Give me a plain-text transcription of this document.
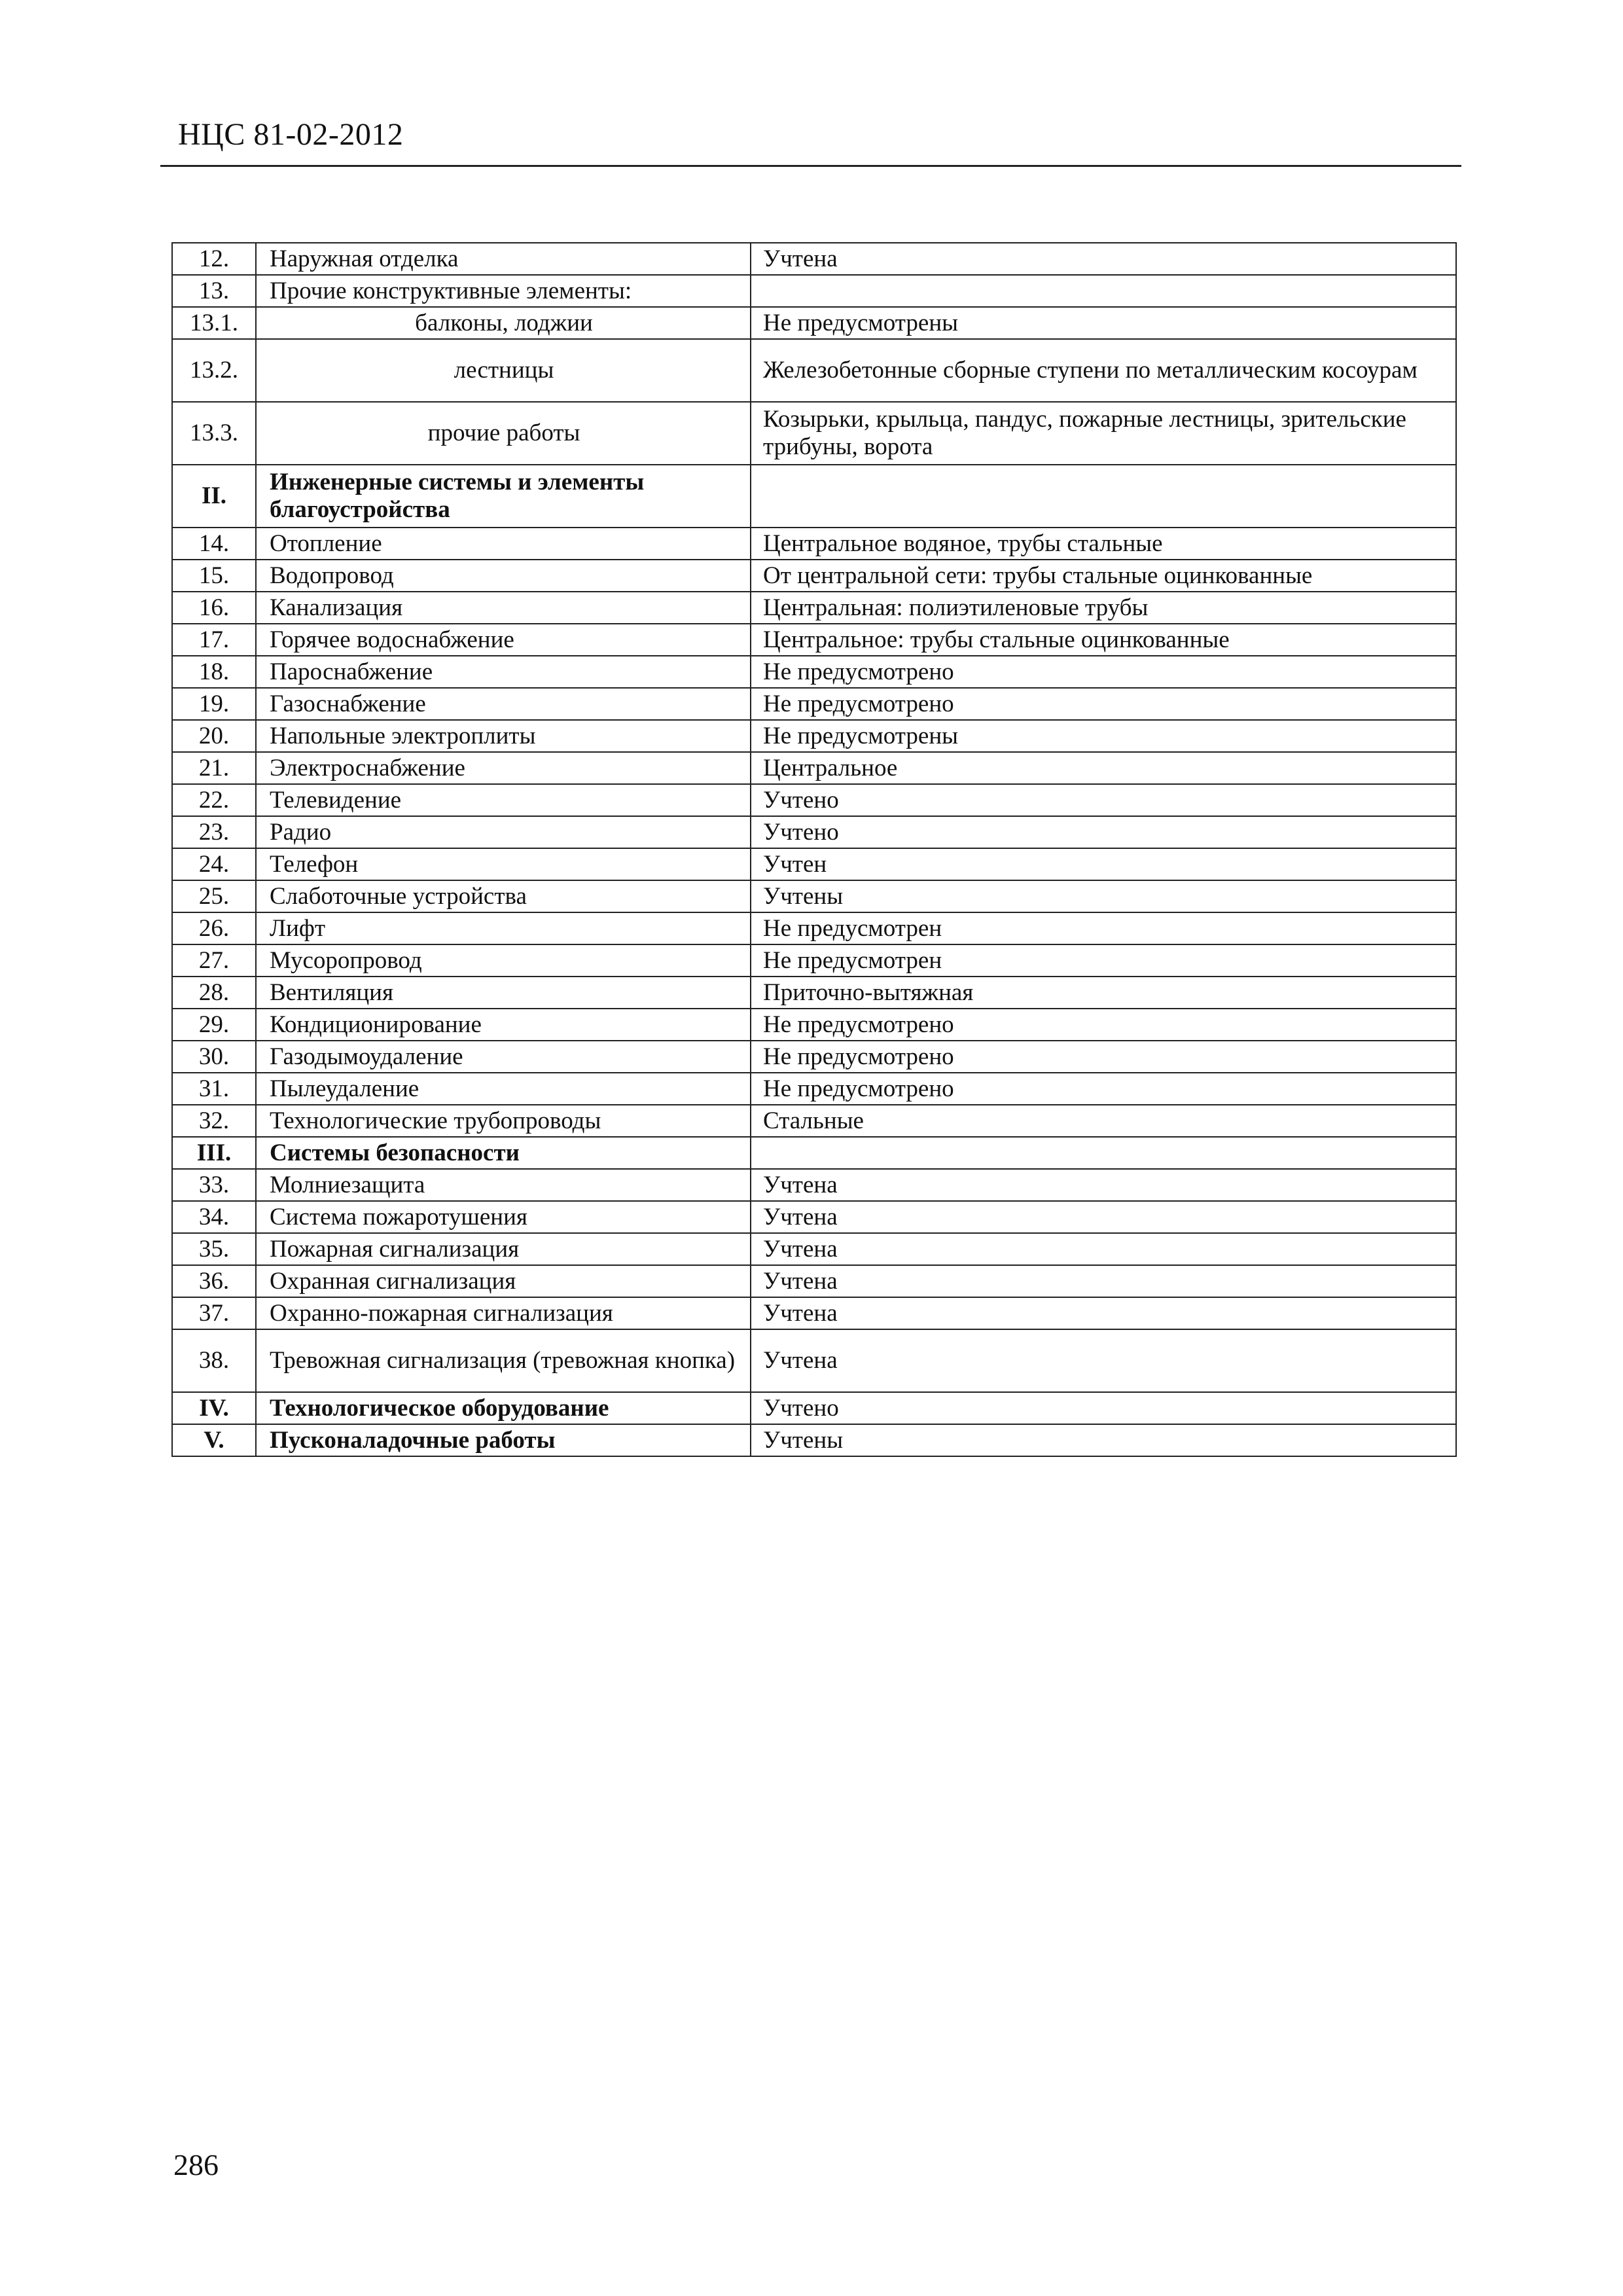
НЦС 81-02-2012
12.	Наружная отделка	Учтена
13.	Прочие конструктивные элементы:	
13.1.	балконы, лоджии	Не предусмотрены
13.2.	лестницы	Железобетонные сборные ступени по металлическим косоурам
13.3.	прочие работы	Козырьки, крыльца, пандус, пожарные лестницы, зрительские трибуны, ворота
II.	Инженерные системы и элементы благоустройства	
14.	Отопление	Центральное водяное, трубы стальные
15.	Водопровод	От центральной сети: трубы стальные оцинкованные
16.	Канализация	Центральная: полиэтиленовые трубы
17.	Горячее водоснабжение	Центральное: трубы стальные оцинкованные
18.	Пароснабжение	Не предусмотрено
19.	Газоснабжение	Не предусмотрено
20.	Напольные электроплиты	Не предусмотрены
21.	Электроснабжение	Центральное
22.	Телевидение	Учтено
23.	Радио	Учтено
24.	Телефон	Учтен
25.	Слаботочные устройства	Учтены
26.	Лифт	Не предусмотрен
27.	Мусоропровод	Не предусмотрен
28.	Вентиляция	Приточно-вытяжная
29.	Кондиционирование	Не предусмотрено
30.	Газодымоудаление	Не предусмотрено
31.	Пылеудаление	Не предусмотрено
32.	Технологические трубопроводы	Стальные
III.	Системы безопасности	
33.	Молниезащита	Учтена
34.	Система пожаротушения	Учтена
35.	Пожарная сигнализация	Учтена
36.	Охранная сигнализация	Учтена
37.	Охранно-пожарная сигнализация	Учтена
38.	Тревожная сигнализация (тревожная кнопка)	Учтена
IV.	Технологическое оборудование	Учтено
V.	Пусконаладочные работы	Учтены
286
